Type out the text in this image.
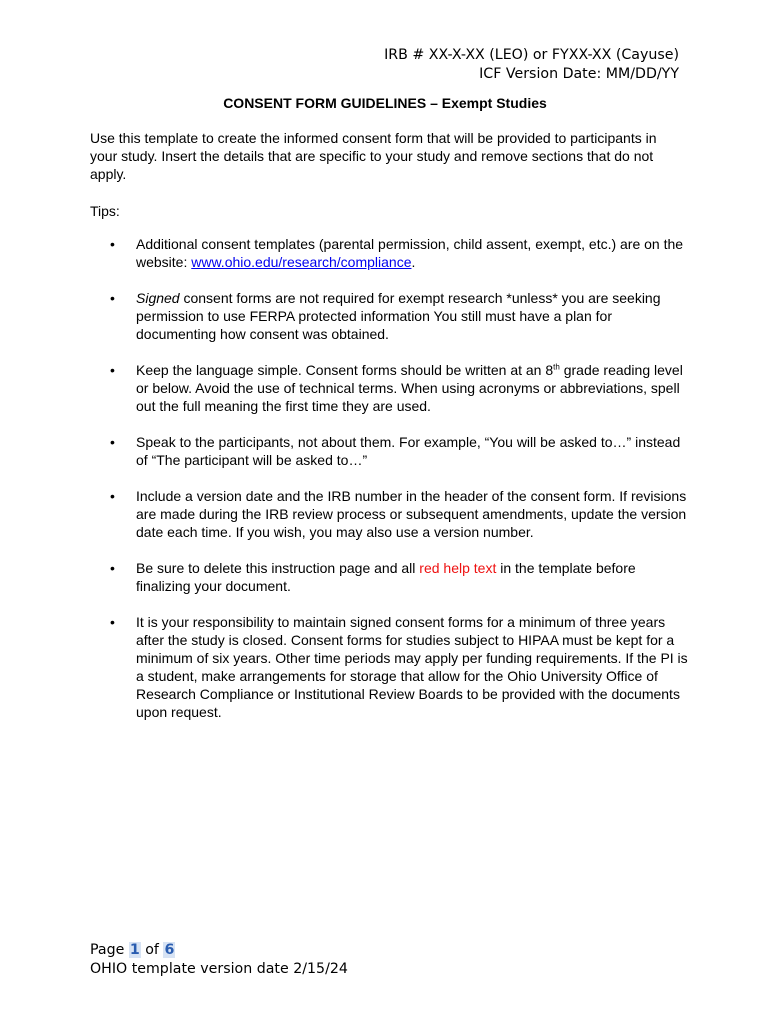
IRB # XX-X-XX (LEO) or FYXX-XX (Cayuse)
ICF Version Date: MM/DD/YY
CONSENT FORM GUIDELINES – Exempt Studies

Use this template to create the informed consent form that will be provided to participants in your study. Insert the details that are specific to your study and remove sections that do not apply.

Tips:

• Additional consent templates (parental permission, child assent, exempt, etc.) are on the website: www.ohio.edu/research/compliance.
• Signed consent forms are not required for exempt research *unless* you are seeking permission to use FERPA protected information You still must have a plan for documenting how consent was obtained.
• Keep the language simple. Consent forms should be written at an 8th grade reading level or below. Avoid the use of technical terms. When using acronyms or abbreviations, spell out the full meaning the first time they are used.
• Speak to the participants, not about them. For example, “You will be asked to…” instead of “The participant will be asked to…”
• Include a version date and the IRB number in the header of the consent form. If revisions are made during the IRB review process or subsequent amendments, update the version date each time. If you wish, you may also use a version number.
• Be sure to delete this instruction page and all red help text in the template before finalizing your document.
• It is your responsibility to maintain signed consent forms for a minimum of three years after the study is closed. Consent forms for studies subject to HIPAA must be kept for a minimum of six years. Other time periods may apply per funding requirements. If the PI is a student, make arrangements for storage that allow for the Ohio University Office of Research Compliance or Institutional Review Boards to be provided with the documents upon request.
Page 1 of 6
OHIO template version date 2/15/24
